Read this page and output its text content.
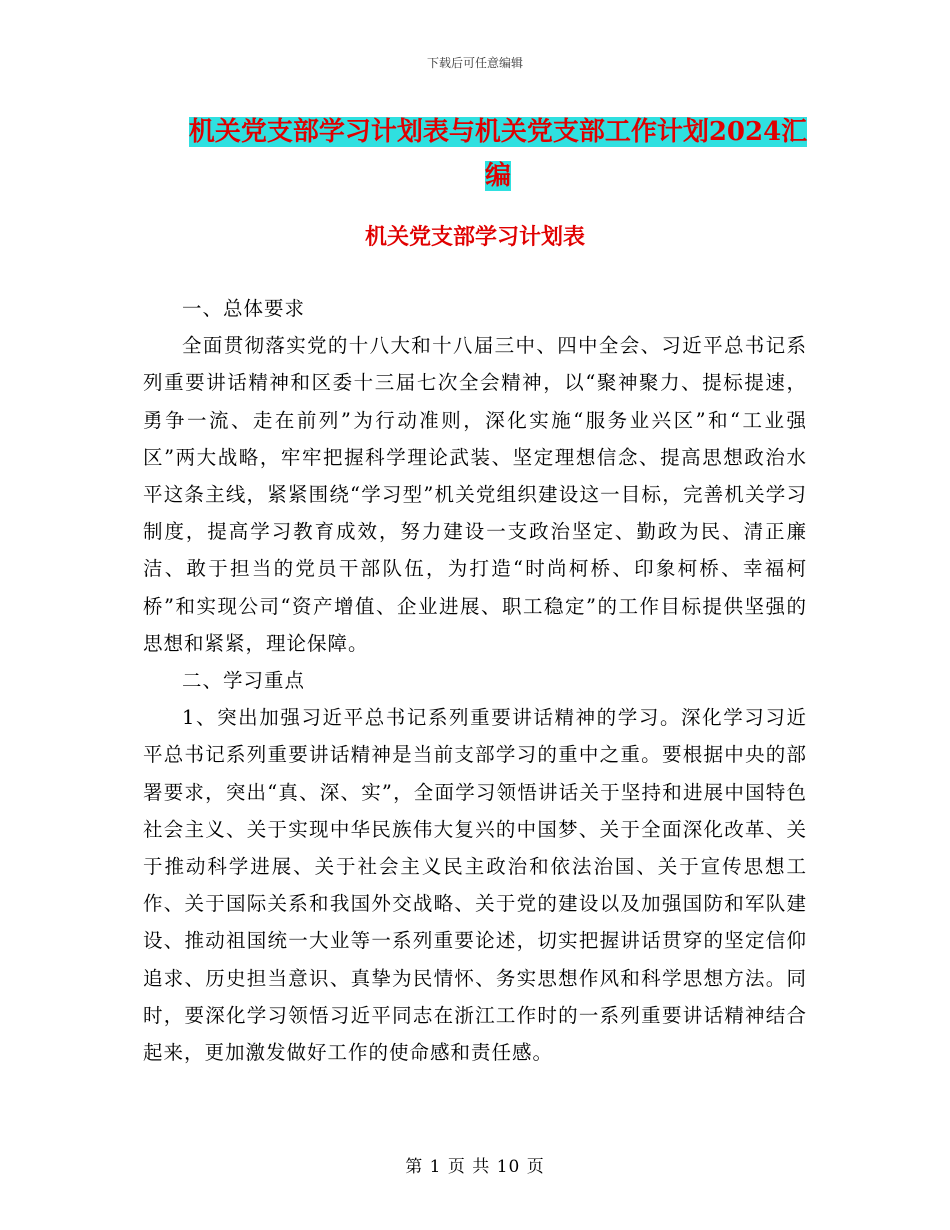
下载后可任意编辑
机关党支部学习计划表与机关党支部工作计划2024汇
编
机关党支部学习计划表

一、总体要求

全面贯彻落实党的十八大和十八届三中、四中全会、习近平总书记系列重要讲话精神和区委十三届七次全会精神，以“聚神聚力、提标提速，勇争一流、走在前列”为行动准则，深化实施“服务业兴区”和“工业强区”两大战略，牢牢把握科学理论武装、坚定理想信念、提高思想政治水平这条主线，紧紧围绕“学习型”机关党组织建设这一目标，完善机关学习制度，提高学习教育成效，努力建设一支政治坚定、勤政为民、清正廉洁、敢于担当的党员干部队伍，为打造“时尚柯桥、印象柯桥、幸福柯桥”和实现公司“资产增值、企业进展、职工稳定”的工作目标提供坚强的思想和紧紧，理论保障。

二、学习重点

1、突出加强习近平总书记系列重要讲话精神的学习。深化学习习近平总书记系列重要讲话精神是当前支部学习的重中之重。要根据中央的部署要求，突出“真、深、实”，全面学习领悟讲话关于坚持和进展中国特色社会主义、关于实现中华民族伟大复兴的中国梦、关于全面深化改革、关于推动科学进展、关于社会主义民主政治和依法治国、关于宣传思想工作、关于国际关系和我国外交战略、关于党的建设以及加强国防和军队建设、推动祖国统一大业等一系列重要论述，切实把握讲话贯穿的坚定信仰追求、历史担当意识、真挚为民情怀、务实思想作风和科学思想方法。同时，要深化学习领悟习近平同志在浙江工作时的一系列重要讲话精神结合起来，更加激发做好工作的使命感和责任感。

第 1 页 共 10 页
